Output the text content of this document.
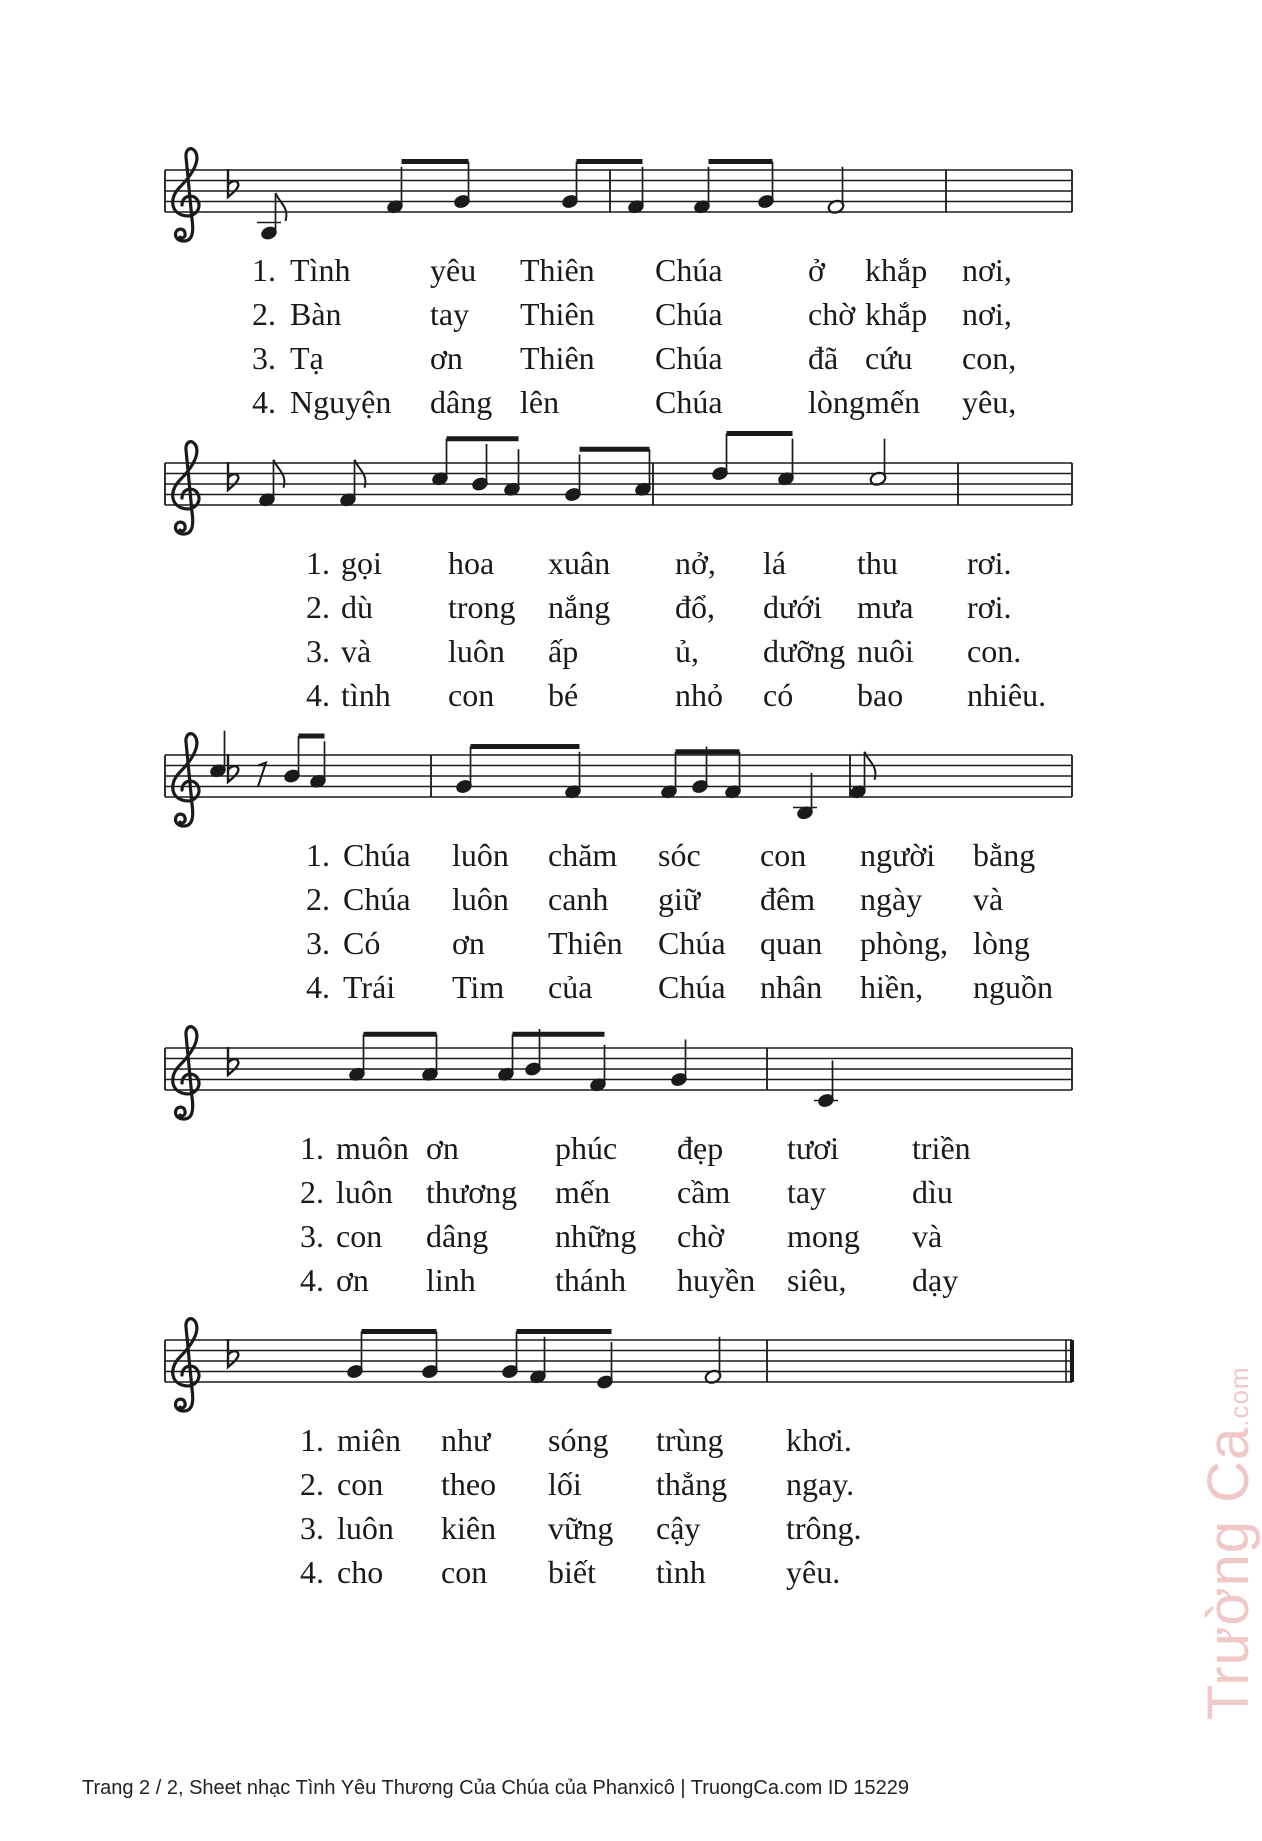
1. Tình yêu Thiên Chúa	ở khắp nơi,
2. Bàn	tay Thiên Chúa	chờ khắp nơi,
3. Tạ	ơn Thiên Chúa	đã cứu con,
4. Nguyện dâng lên	Chúa	lòng mến yêu,
1. gọi hoa xuân nở, lá thu rơi.
2. dù trong nắng đổ, dưới mưa rơi.
3. và luôn ấp	ủ, dưỡng nuôi con.
4. tình con bé	nhỏ có bao nhiêu.
1. Chúa luôn chăm sóc con người bằng
2. Chúa luôn canh giữ đêm ngày và
3. Có ơn Thiên Chúa quan phòng, lòng
4. Trái Tim của Chúa nhân hiền, nguồn
1. muôn ơn	phúc đẹp tươi triền
2. luôn thương mến cầm tay	dìu
3. con dâng những chờ mong và
4. ơn linh thánh huyền siêu, dạy
1. miên như sóng trùng khơi.
2. con theo lối thẳng ngay.
3. luôn kiên vững cậy	trông.
4. cho con biết tình	yêu.
Trang 2 / 2, Sheet nhạc Tình Yêu Thương Của Chúa của Phanxicô | TruongCa.com ID 15229
Trường Ca.com
